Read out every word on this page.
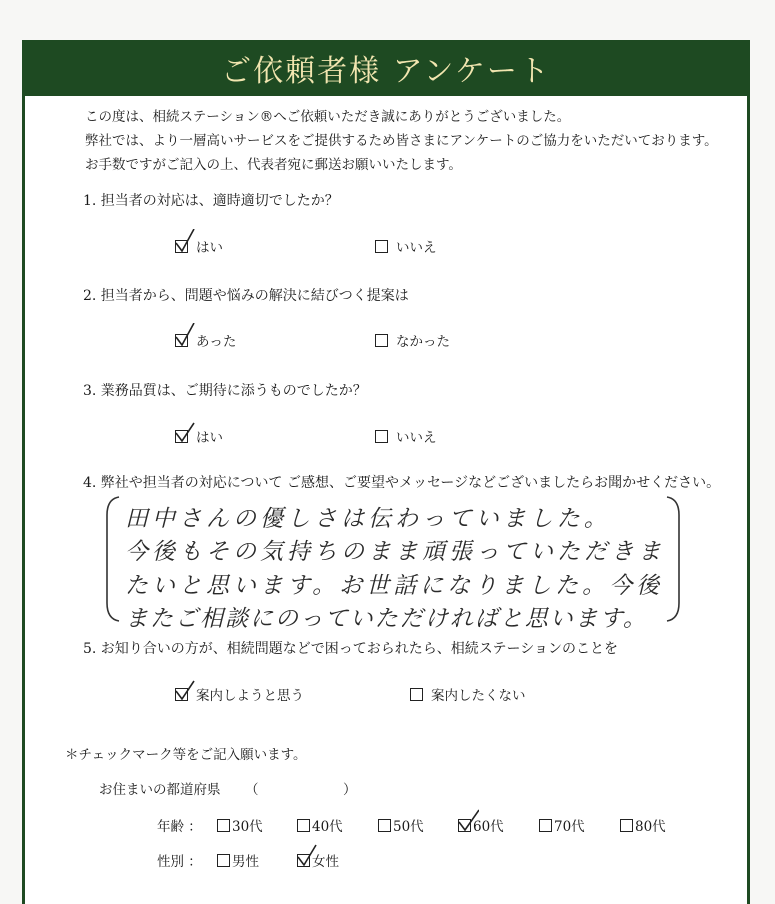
ご依頼者様 アンケート
この度は、相続ステーション®へご依頼いただき誠にありがとうございました。
弊社では、より一層高いサービスをご提供するため皆さまにアンケートのご協力をいただいております。
お手数ですがご記入の上、代表者宛に郵送お願いいたします。
1. 担当者の対応は、適時適切でしたか？
はい	いいえ
2. 担当者から、問題や悩みの解決に結びつく提案は
あった	なかった
3. 業務品質は、ご期待に添うものでしたか？
はい	いいえ
4. 弊社や担当者の対応について ご感想、ご要望やメッセージなどございましたらお聞かせください。
田中さんの優しさは伝わっていました。
今後もその気持ちのまま頑張っていただきま
たいと思います。お世話になりました。今後
またご相談にのっていただければと思います。
5. お知り合いの方が、相続問題などで困っておられたら、相続ステーションのことを
案内しようと思う	案内したくない
＊チェックマーク等をご記入願います。
お住まいの都道府県 （	）
年齢 ： 30代	40代	50代	60代	70代	80代
性別 ： 男性	女性
